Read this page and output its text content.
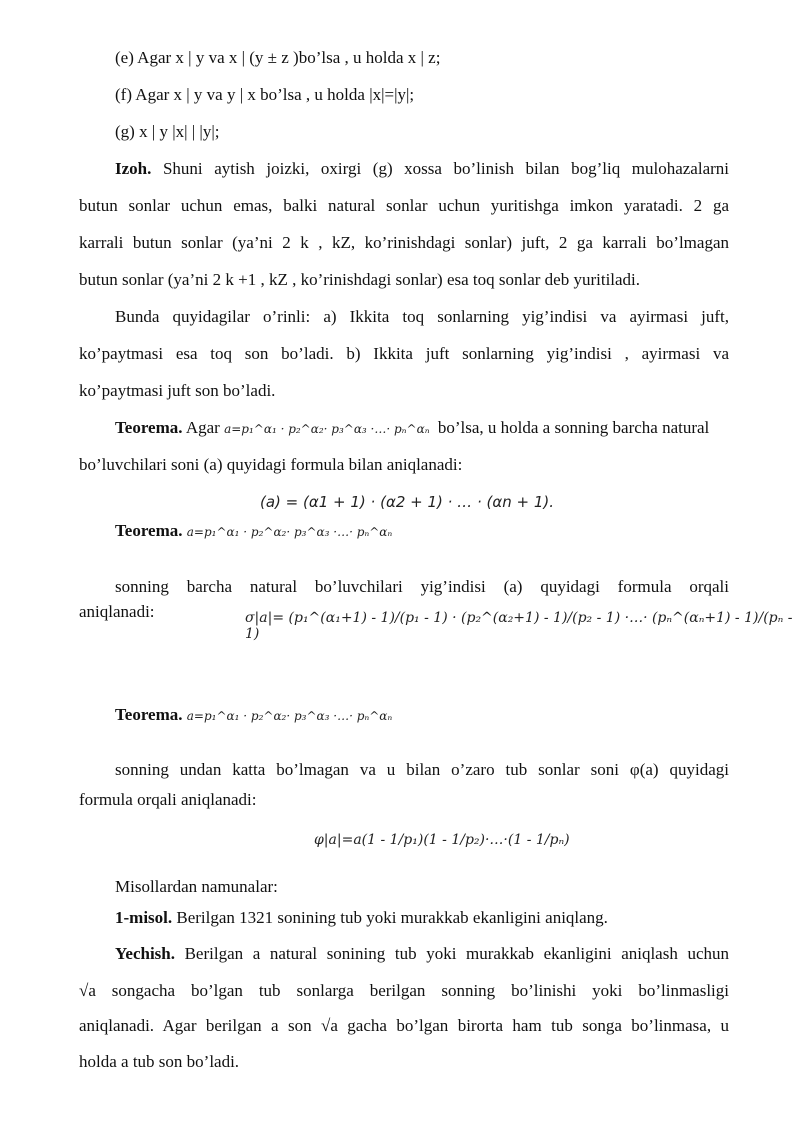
(e) Agar x | y va x | (y ± z )bo’lsa , u holda x | z;
(f) Agar x | y va y | x bo’lsa , u holda |x|=|y|;
(g) x | y |x| | |y|;
Izoh. Shuni aytish joizki, oxirgi (g) xossa bo’linish bilan bog’liq mulohazalarni
butun sonlar uchun emas, balki natural sonlar uchun yuritishga imkon yaratadi. 2 ga
karrali butun sonlar (ya’ni 2 k , kZ, ko’rinishdagi sonlar) juft, 2 ga karrali bo’lmagan
butun sonlar (ya’ni 2 k +1 , kZ , ko’rinishdagi sonlar) esa toq sonlar deb yuritiladi.
Bunda quyidagilar o’rinli: a) Ikkita toq sonlarning yig’indisi va ayirmasi juft,
ko’paytmasi esa toq son bo’ladi. b) Ikkita juft sonlarning yig’indisi , ayirmasi va
ko’paytmasi juft son bo’ladi.
Teorema. Agar a=p₁^α₁ · p₂^α₂· p₃^α₃ ·…· pₙ^αₙ bo’lsa, u holda a sonning barcha natural
bo’luvchilari soni (a) quyidagi formula bilan aniqlanadi:
(a) = (α1 + 1) · (α2 + 1) · … · (αn + 1).
Teorema. a=p₁^α₁ · p₂^α₂· p₃^α₃ ·…· pₙ^αₙ
sonning barcha natural bo’luvchilari yig’indisi (a) quyidagi formula orqali
aniqlanadi:	σ|a|= (p₁^(α₁+1) - 1)/(p₁ - 1) · (p₂^(α₂+1) - 1)/(p₂ - 1) ·…· (pₙ^(αₙ+1) - 1)/(pₙ - 1)
Teorema. a=p₁^α₁ · p₂^α₂· p₃^α₃ ·…· pₙ^αₙ
sonning undan katta bo’lmagan va u bilan o’zaro tub sonlar soni φ(a) quyidagi
formula orqali aniqlanadi:
φ|a|=a(1 - 1/p₁)(1 - 1/p₂)·…·(1 - 1/pₙ)
Misollardan namunalar:
1-misol. Berilgan 1321 sonining tub yoki murakkab ekanligini aniqlang.
Yechish. Berilgan a natural sonining tub yoki murakkab ekanligini aniqlash uchun
√a songacha bo’lgan tub sonlarga berilgan sonning bo’linishi yoki bo’linmasligi
aniqlanadi. Agar berilgan a son √a gacha bo’lgan birorta ham tub songa bo’linmasa, u
holda a tub son bo’ladi.
